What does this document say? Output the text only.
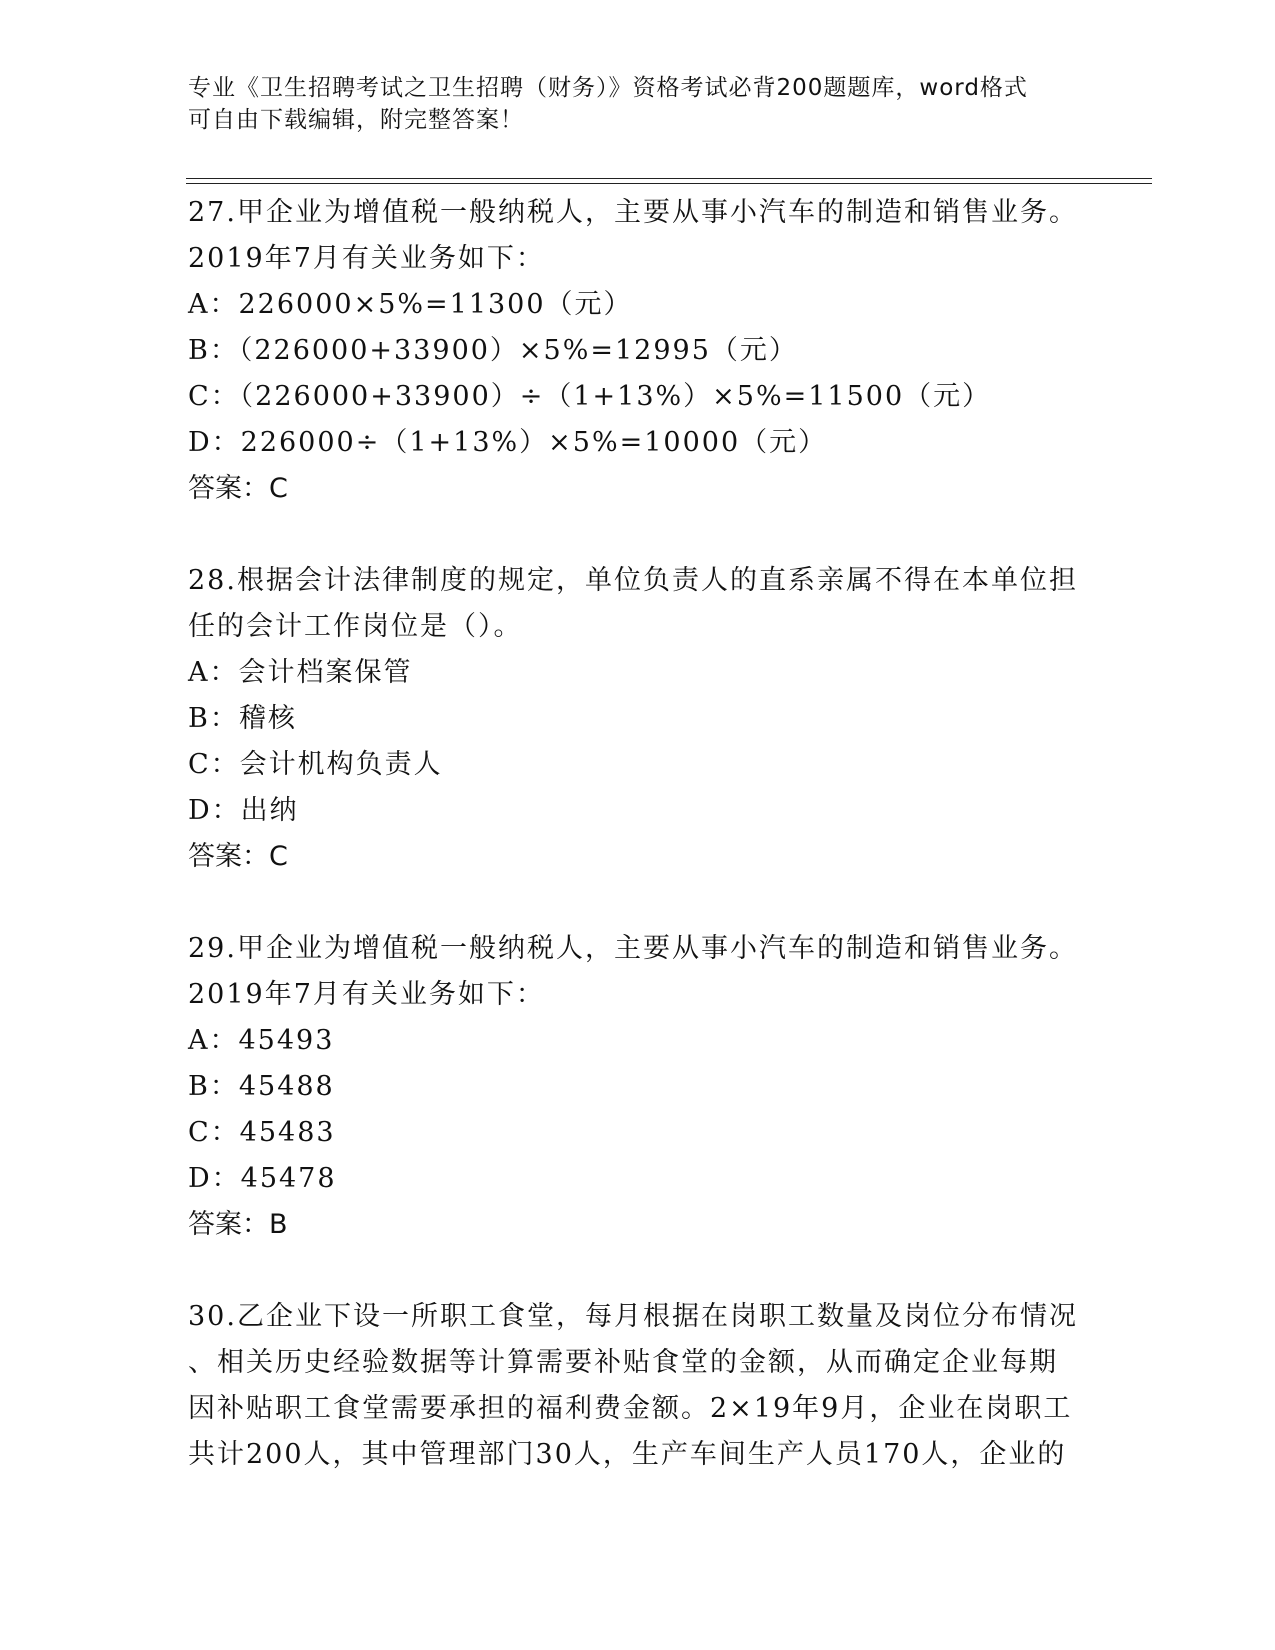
专业《卫生招聘考试之卫生招聘（财务）》资格考试必背200题题库，word格式
可自由下载编辑，附完整答案！
27.甲企业为增值税一般纳税人，主要从事小汽车的制造和销售业务。
2019年7月有关业务如下：
A：226000×5%=11300（元）
B：（226000+33900）×5%=12995（元）
C：（226000+33900）÷（1+13%）×5%=11500（元）
D：226000÷（1+13%）×5%=10000（元）
答案：C
28.根据会计法律制度的规定，单位负责人的直系亲属不得在本单位担
任的会计工作岗位是（）。
A：会计档案保管
B：稽核
C：会计机构负责人
D：出纳
答案：C
29.甲企业为增值税一般纳税人，主要从事小汽车的制造和销售业务。
2019年7月有关业务如下：
A：45493
B：45488
C：45483
D：45478
答案：B
30.乙企业下设一所职工食堂，每月根据在岗职工数量及岗位分布情况
、相关历史经验数据等计算需要补贴食堂的金额，从而确定企业每期
因补贴职工食堂需要承担的福利费金额。2×19年9月，企业在岗职工
共计200人，其中管理部门30人，生产车间生产人员170人，企业的
